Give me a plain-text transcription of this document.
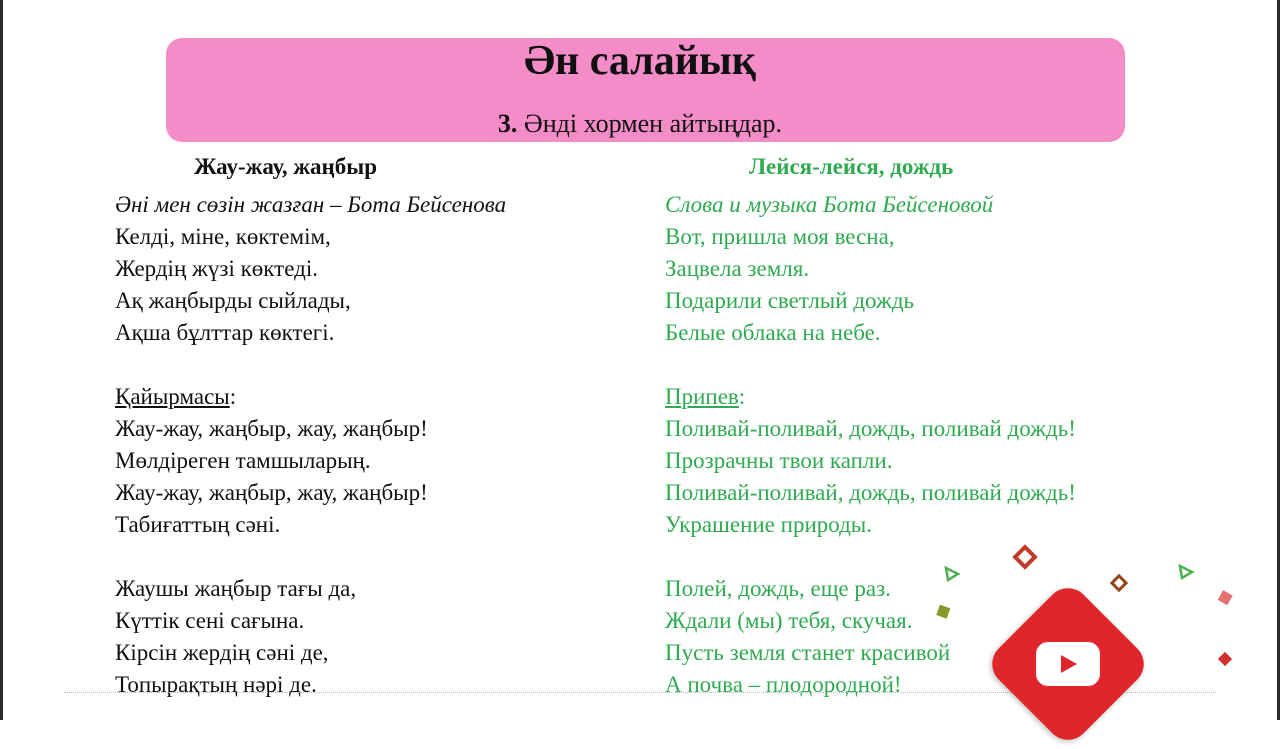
Ән салайық
3. Әнді хормен айтыңдар.
Жау-жау, жаңбыр	Лейся-лейся, дождь
Әні мен сөзін жазған – Бота Бейсенова
Келді, міне, көктемім,
Жердің жүзі көктеді.
Ақ жаңбырды сыйлады,
Ақша бұлттар көктегі.
Қайырмасы:
Жау-жау, жаңбыр, жау, жаңбыр!
Мөлдіреген тамшыларың.
Жау-жау, жаңбыр, жау, жаңбыр!
Табиғаттың сәні.
Жаушы жаңбыр тағы да,
Күттік сені сағына.
Кірсін жердің сәні де,
Топырақтың нәрі де.
Слова и музыка Бота Бейсеновой
Вот, пришла моя весна,
Зацвела земля.
Подарили светлый дождь
Белые облака на небе.
Припев:
Поливай-поливай, дождь, поливай дождь!
Прозрачны твои капли.
Поливай-поливай, дождь, поливай дождь!
Украшение природы.
Полей, дождь, еще раз.
Ждали (мы) тебя, скучая.
Пусть земля станет красивой
А почва – плодородной!
